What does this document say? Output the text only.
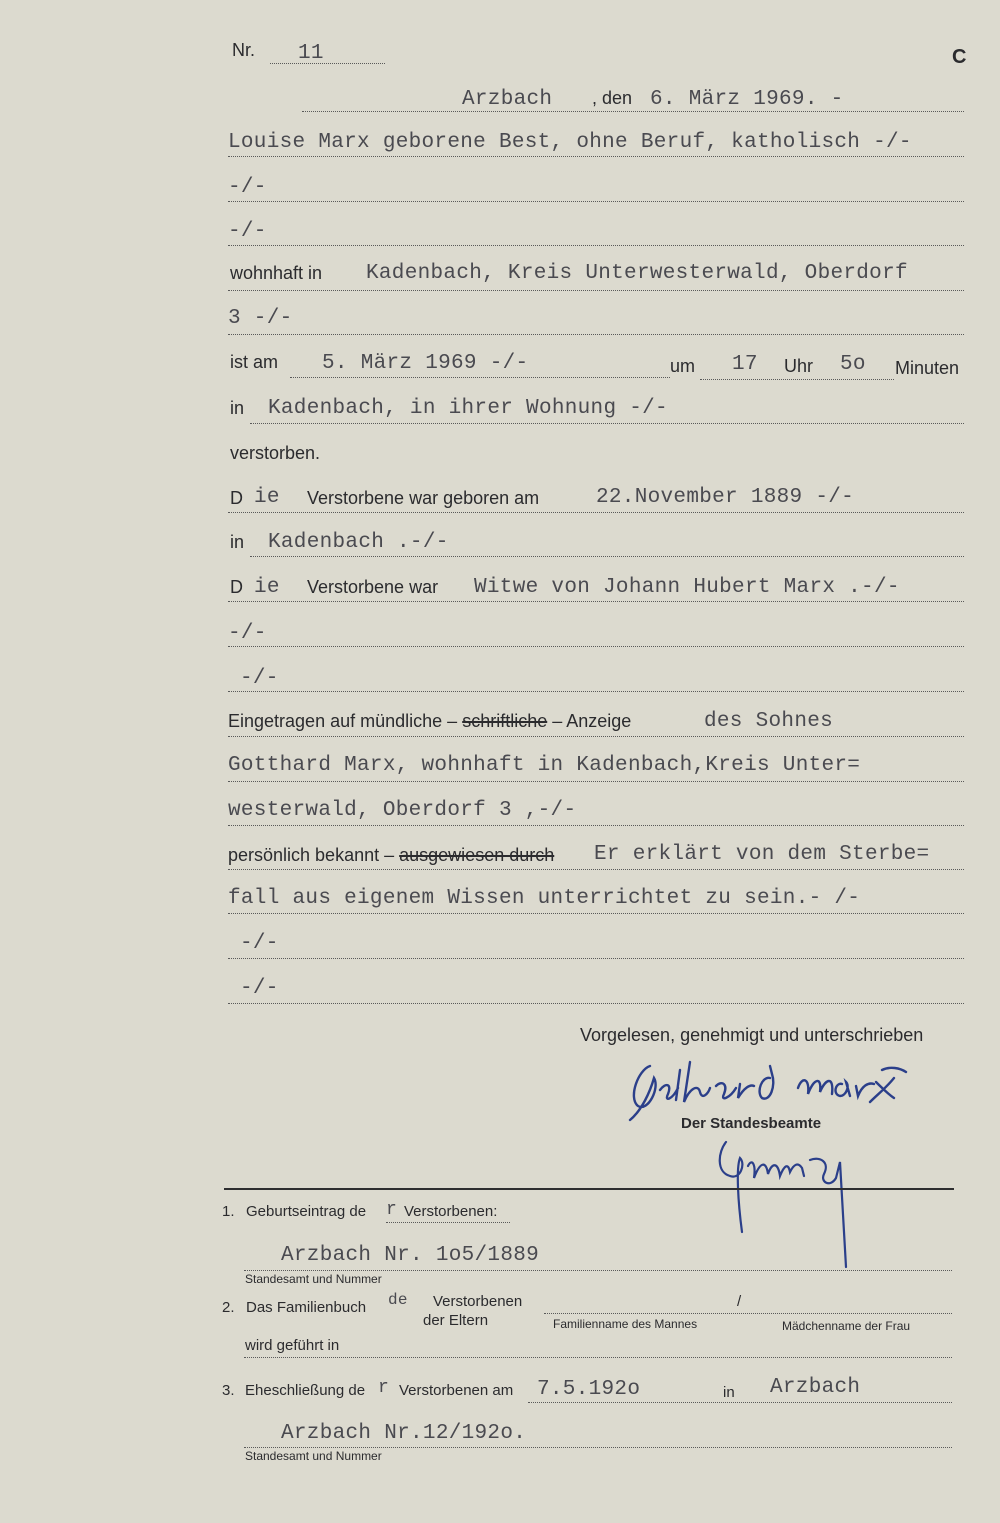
Nr. 11	C
Arzbach , den 6. März 1969. -
Louise Marx geborene Best, ohne Beruf, katholisch -/-
-/-
-/-
wohnhaft in Kadenbach, Kreis Unterwesterwald, Oberdorf
3 -/-
ist am 5. März 1969 -/-	um 17 Uhr 5o Minuten
in Kadenbach, in ihrer Wohnung -/-
verstorben.
D ie Verstorbene war geboren am	22.November 1889 -/-
in Kadenbach .-/-
D ie Verstorbene war Witwe von Johann Hubert Marx .-/-
-/-
-/-
Eingetragen auf mündliche – schriftliche – Anzeige	des Sohnes
Gotthard Marx, wohnhaft in Kadenbach,Kreis Unter=
westerwald, Oberdorf 3 ,-/-
persönlich bekannt – ausgewiesen durch Er erklärt von dem Sterbe=
fall aus eigenem Wissen unterrichtet zu sein.- /-
-/-
-/-
Vorgelesen, genehmigt und unterschrieben
Der Standesbeamte
1. Geburtseintrag de r Verstorbenen:
Arzbach Nr. 1o5/1889
Standesamt und Nummer
2. Das Familienbuch de Verstorbenen	/
der Eltern	Familienname des Mannes	Mädchenname der Frau
wird geführt in
3. Eheschließung de r Verstorbenen am 7.5.192o	in Arzbach
Arzbach Nr.12/192o.
Standesamt und Nummer
